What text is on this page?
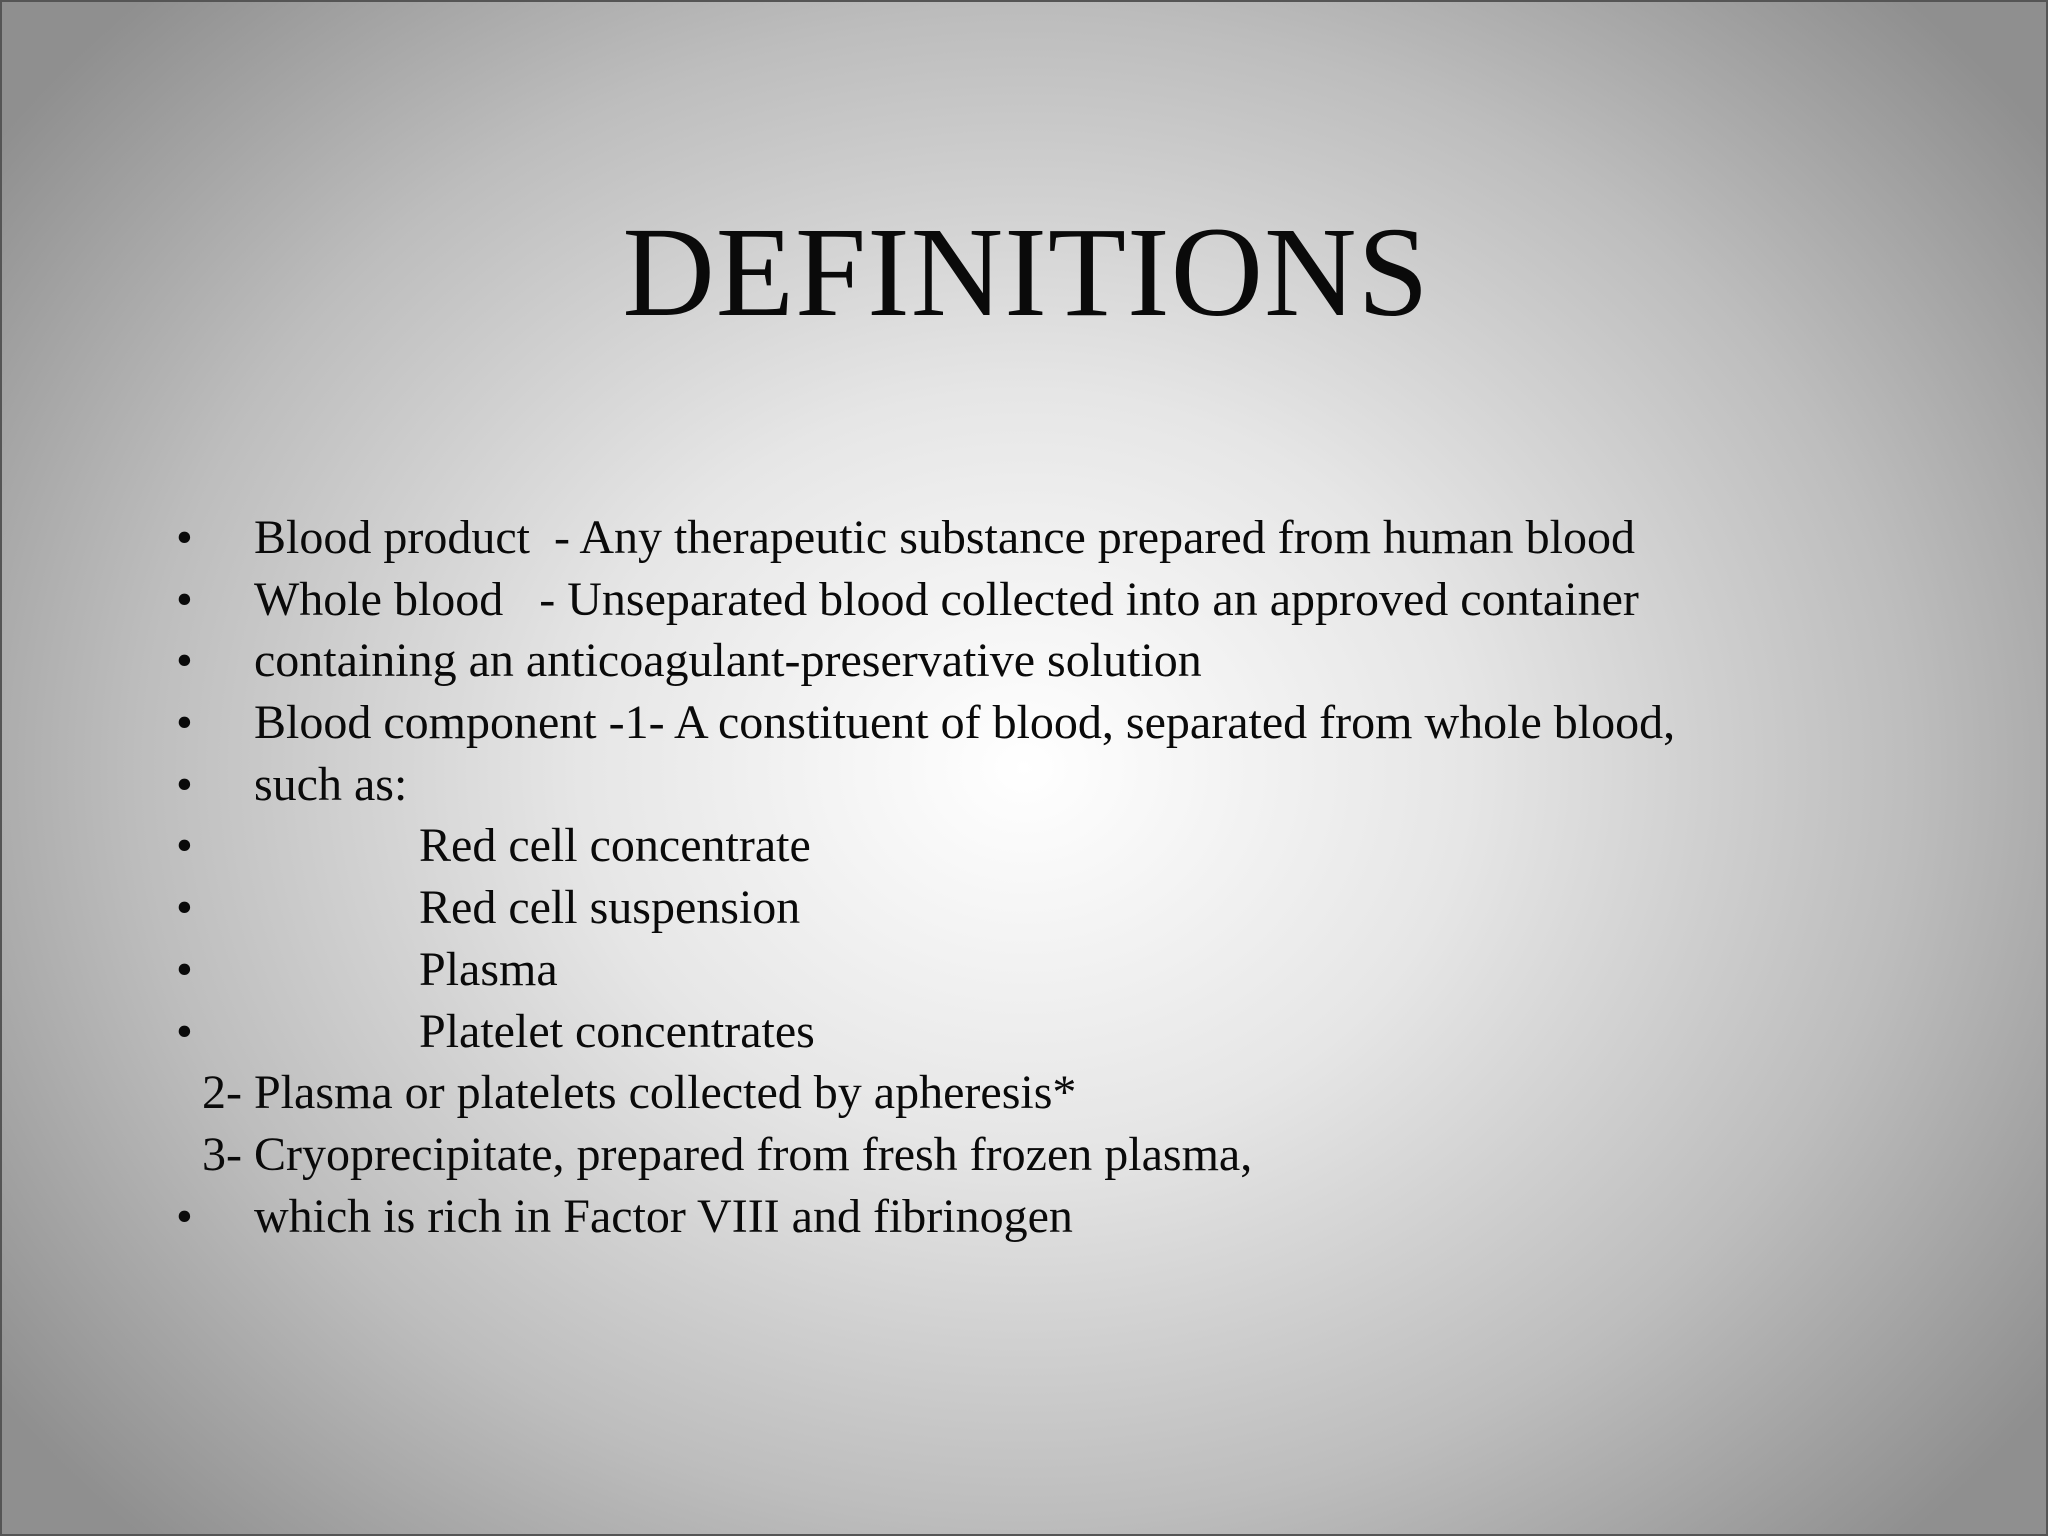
DEFINITIONS

•

Blood product  - Any therapeutic substance prepared from human blood

•

Whole blood   - Unseparated blood collected into an approved container

•

containing an anticoagulant-preservative solution

•

Blood component -1- A constituent of blood, separated from whole blood,

•

such as:

•

	Red cell concentrate

•

	Red cell suspension

•

	Plasma

•

	Platelet concentrates

2- Plasma or platelets collected by apheresis*

3- Cryoprecipitate, prepared from fresh frozen plasma,

•

which is rich in Factor VIII and fibrinogen
